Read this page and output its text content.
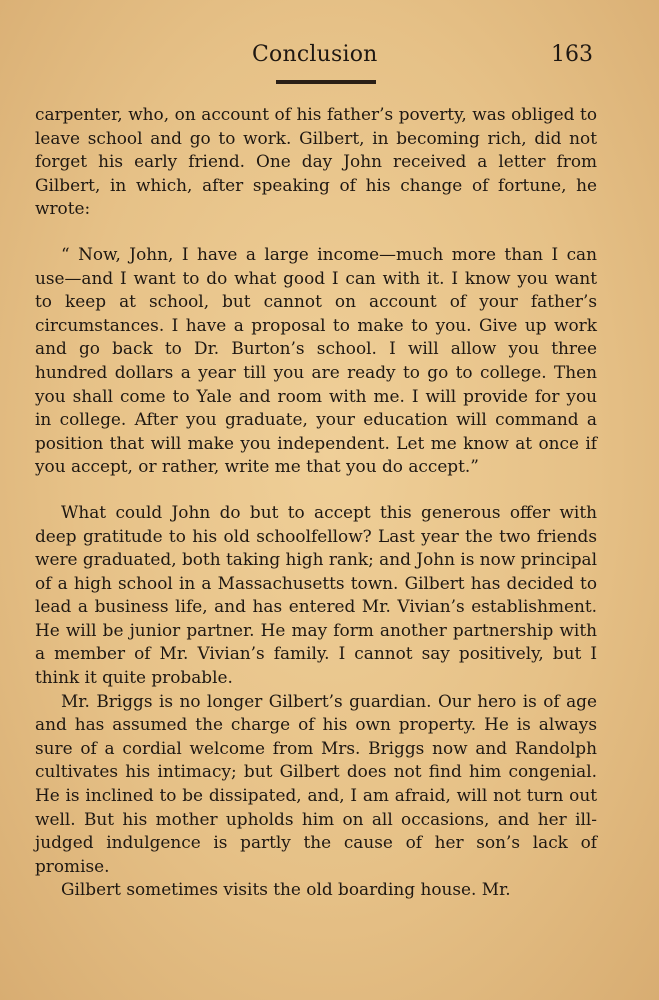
Conclusion	163

carpenter, who, on account of his father’s poverty, was obliged to leave school and go to work. Gilbert, in becoming rich, did not forget his early friend. One day John received a letter from Gilbert, in which, after speaking of his change of fortune, he wrote:

“ Now, John, I have a large income—much more than I can use—and I want to do what good I can with it. I know you want to keep at school, but cannot on account of your father’s circumstances. I have a proposal to make to you. Give up work and go back to Dr. Burton’s school. I will allow you three hundred dollars a year till you are ready to go to college. Then you shall come to Yale and room with me. I will provide for you in college. After you graduate, your education will command a position that will make you independent. Let me know at once if you accept, or rather, write me that you do accept.”

What could John do but to accept this generous offer with deep gratitude to his old schoolfellow? Last year the two friends were graduated, both taking high rank; and John is now principal of a high school in a Massachusetts town. Gilbert has decided to lead a business life, and has entered Mr. Vivian’s establishment. He will be junior partner. He may form another partnership with a member of Mr. Vivian’s family. I cannot say positively, but I think it quite probable.

Mr. Briggs is no longer Gilbert’s guardian. Our hero is of age and has assumed the charge of his own property. He is always sure of a cordial welcome from Mrs. Briggs now and Randolph cultivates his intimacy; but Gilbert does not find him congenial. He is inclined to be dissipated, and, I am afraid, will not turn out well. But his mother upholds him on all occasions, and her ill-judged indulgence is partly the cause of her son’s lack of promise.

Gilbert sometimes visits the old boarding house. Mr.
